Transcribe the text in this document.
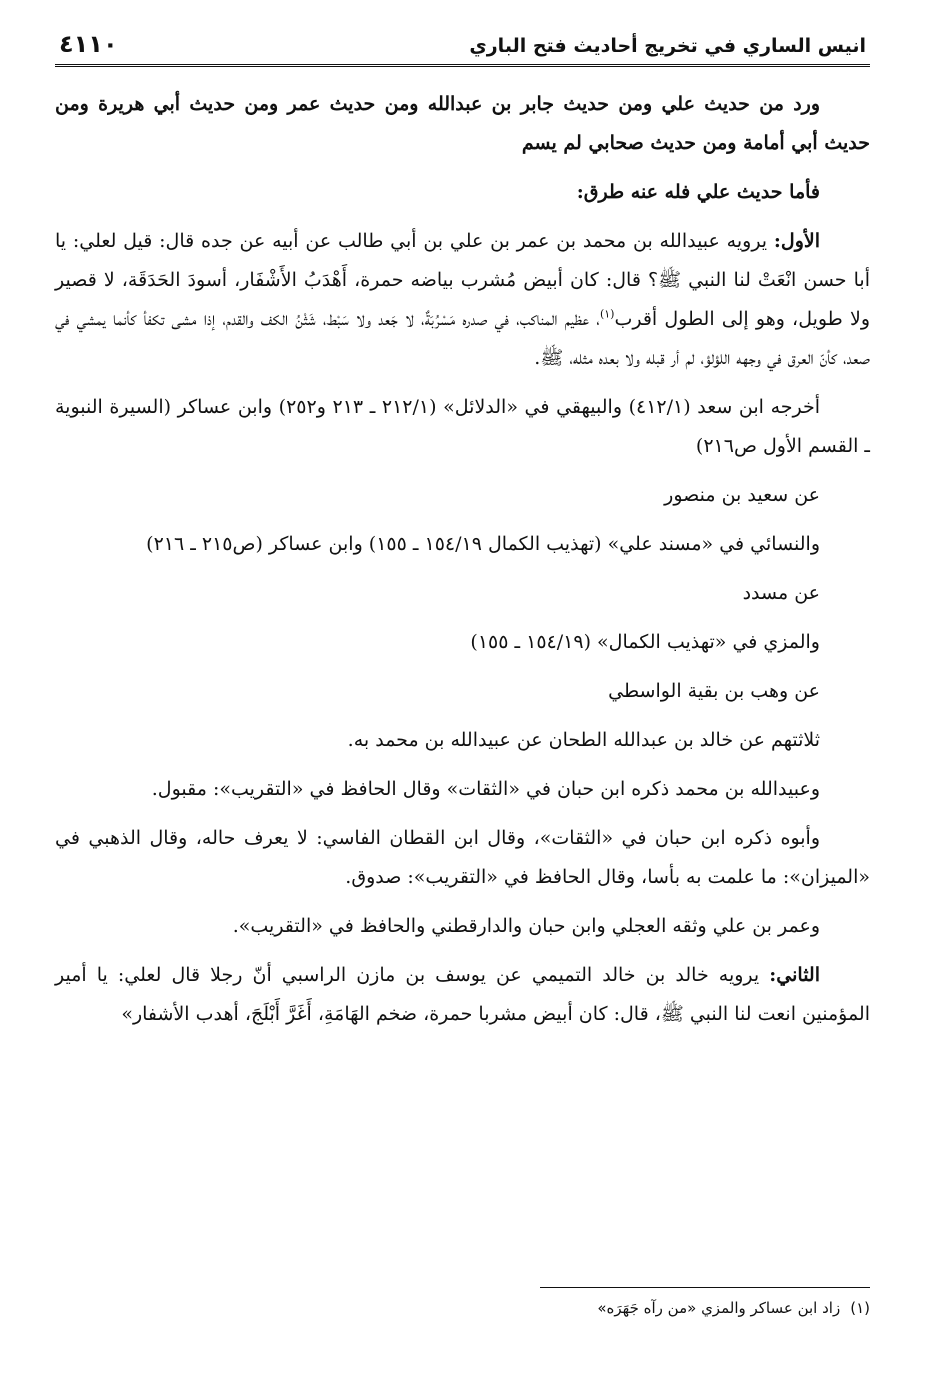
انيس الساري في تخريج أحاديث فتح الباري
٤١١٠

ورد من حديث علي ومن حديث جابر بن عبدالله ومن حديث عمر ومن حديث أبي هريرة ومن حديث أبي أمامة ومن حديث صحابي لم يسم

فأما حديث علي فله عنه طرق:

الأول: يرويه عبيدالله بن محمد بن عمر بن علي بن أبي طالب عن أبيه عن جده قال: قيل لعلي: يا أبا حسن انْعَتْ لنا النبي ﷺ؟ قال: كان أبيض مُشرب بياضه حمرة، أَهْدَبُ الأَشْفَار، أسودَ الحَدَقَة، لا قصير ولا طويل، وهو إلى الطول أقرب$^{(١)}$، عظيم المناكب، في صدره مَسْرُبَةٌ، لا جَعد ولا سَبْط، شَثْنُ الكف والقدم، إذا مشى تكفأ كأنما يمشي في صعد، كأنّ العرق في وجهه اللؤلؤ، لم أر قبله ولا بعده مثله، ﷺ.

أخرجه ابن سعد (٤١٢/١) والبيهقي في «الدلائل» (٢١٢/١ ـ ٢١٣ و٢٥٢) وابن عساكر (السيرة النبوية ـ القسم الأول ص٢١٦)

عن سعيد بن منصور

والنسائي في «مسند علي» (تهذيب الكمال ١٥٤/١٩ ـ ١٥٥) وابن عساكر (ص٢١٥ ـ ٢١٦)

عن مسدد

والمزي في «تهذيب الكمال» (١٥٤/١٩ ـ ١٥٥)

عن وهب بن بقية الواسطي

ثلاثتهم عن خالد بن عبدالله الطحان عن عبيدالله بن محمد به.

وعبيدالله بن محمد ذكره ابن حبان في «الثقات» وقال الحافظ في «التقريب»: مقبول.

وأبوه ذكره ابن حبان في «الثقات»، وقال ابن القطان الفاسي: لا يعرف حاله، وقال الذهبي في «الميزان»: ما علمت به بأسا، وقال الحافظ في «التقريب»: صدوق.

وعمر بن علي وثقه العجلي وابن حبان والدارقطني والحافظ في «التقريب».

الثاني: يرويه خالد بن خالد التميمي عن يوسف بن مازن الراسبي أنّ رجلا قال لعلي: يا أمير المؤمنين انعت لنا النبي ﷺ، قال: كان أبيض مشربا حمرة، ضخم الهَامَةِ، أَغَرَّ أَبْلَجَ، أهدب الأشفار»

(١)زاد ابن عساكر والمزي «من رآه جَهَرَه»
